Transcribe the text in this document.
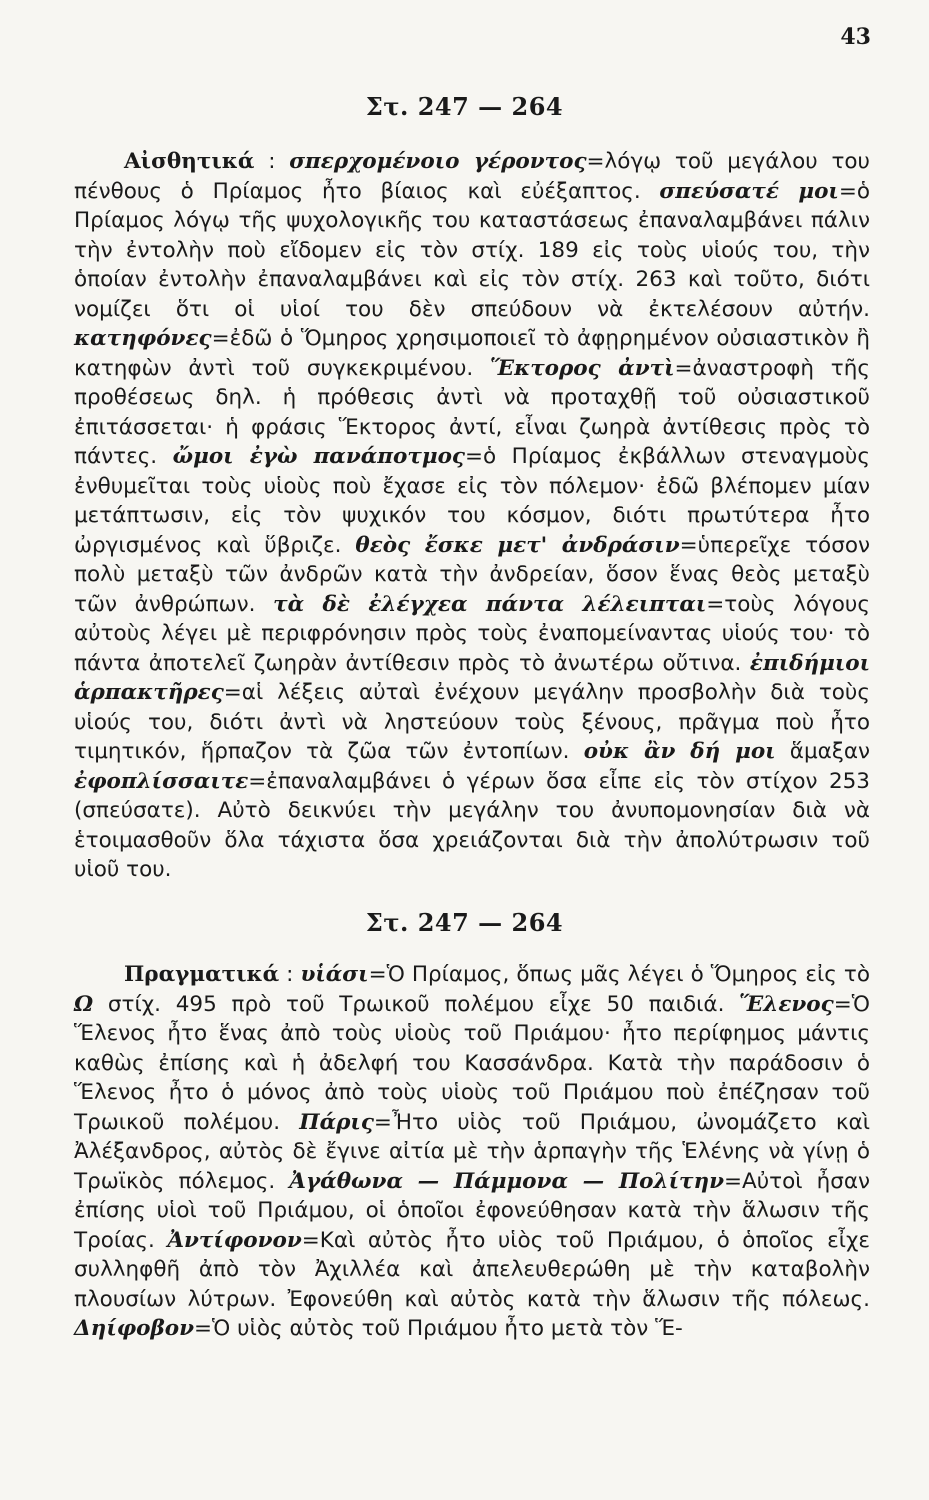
43
Στ. 247 — 264

Αἰσθητικά : σπερχομένοιο γέροντος=λόγῳ τοῦ μεγάλου του πένθους ὁ Πρίαμος ἦτο βίαιος καὶ εὐέξαπτος. σπεύσατέ μοι=ὁ Πρίαμος λόγῳ τῆς ψυχολογικῆς του καταστάσεως ἐπαναλαμβάνει πάλιν τὴν ἐντολὴν ποὺ εἴδομεν εἰς τὸν στίχ. 189 εἰς τοὺς υἱούς του, τὴν ὁποίαν ἐντολὴν ἐπαναλαμβάνει καὶ εἰς τὸν στίχ. 263 καὶ τοῦτο, διότι νομίζει ὅτι οἱ υἱοί του δὲν σπεύδουν νὰ ἐκτελέσουν αὐτήν. κατηφόνες=ἐδῶ ὁ Ὅμηρος χρησιμοποιεῖ τὸ ἀφῃρημένον οὐσιαστικὸν ἢ κατηφὼν ἀντὶ τοῦ συγκεκριμένου. Ἕκτορος ἀντὶ=ἀναστροφὴ τῆς προθέσεως δηλ. ἡ πρόθεσις ἀντὶ νὰ προταχθῇ τοῦ οὐσιαστικοῦ ἐπιτάσσεται· ἡ φράσις Ἕκτορος ἀντί, εἶναι ζωηρὰ ἀντίθεσις πρὸς τὸ πάντες. ὤμοι ἐγὼ πανάποτμος=ὁ Πρίαμος ἐκβάλλων στεναγμοὺς ἐνθυμεῖται τοὺς υἱοὺς ποὺ ἔχασε εἰς τὸν πόλεμον· ἐδῶ βλέπομεν μίαν μετάπτωσιν, εἰς τὸν ψυχικόν του κόσμον, διότι πρωτύτερα ἦτο ὠργισμένος καὶ ὕβριζε. θεὸς ἔσκε μετ' ἀνδράσιν=ὑπερεῖχε τόσον πολὺ μεταξὺ τῶν ἀνδρῶν κατὰ τὴν ἀνδρείαν, ὅσον ἕνας θεὸς μεταξὺ τῶν ἀνθρώπων. τὰ δὲ ἐλέγχεα πάντα λέλειπται=τοὺς λόγους αὐτοὺς λέγει μὲ περιφρόνησιν πρὸς τοὺς ἐναπομείναντας υἱούς του· τὸ πάντα ἀποτελεῖ ζωηρὰν ἀντίθεσιν πρὸς τὸ ἀνωτέρω οὔτινα. ἐπιδήμιοι ἁρπακτῆρες=αἱ λέξεις αὐταὶ ἐνέχουν μεγάλην προσβολὴν διὰ τοὺς υἱούς του, διότι ἀντὶ νὰ ληστεύουν τοὺς ξένους, πρᾶγμα ποὺ ἦτο τιμητικόν, ἥρπαζον τὰ ζῶα τῶν ἐντοπίων. οὐκ ἂν δή μοι ἅμαξαν ἐφοπλίσσαιτε=ἐπαναλαμβάνει ὁ γέρων ὅσα εἶπε εἰς τὸν στίχον 253 (σπεύσατε). Αὐτὸ δεικνύει τὴν μεγάλην του ἀνυπομονησίαν διὰ νὰ ἑτοιμασθοῦν ὅλα τάχιστα ὅσα χρειάζονται διὰ τὴν ἀπολύτρωσιν τοῦ υἱοῦ του.

Στ. 247 — 264

Πραγματικά : υἱάσι=Ὁ Πρίαμος, ὅπως μᾶς λέγει ὁ Ὅμηρος εἰς τὸ Ω στίχ. 495 πρὸ τοῦ Τρωικοῦ πολέμου εἶχε 50 παιδιά. Ἕλενος=Ὁ Ἕλενος ἦτο ἕνας ἀπὸ τοὺς υἱοὺς τοῦ Πριάμου· ἦτο περίφημος μάντις καθὼς ἐπίσης καὶ ἡ ἀδελφή του Κασσάνδρα. Κατὰ τὴν παράδοσιν ὁ Ἕλενος ἦτο ὁ μόνος ἀπὸ τοὺς υἱοὺς τοῦ Πριάμου ποὺ ἐπέζησαν τοῦ Τρωικοῦ πολέμου. Πάρις=Ἦτο υἱὸς τοῦ Πριάμου, ὠνομάζετο καὶ Ἀλέξανδρος, αὐτὸς δὲ ἔγινε αἰτία μὲ τὴν ἁρπαγὴν τῆς Ἑλένης νὰ γίνῃ ὁ Τρωϊκὸς πόλεμος. Ἀγάθωνα — Πάμμονα — Πολίτην=Αὐτοὶ ἦσαν ἐπίσης υἱοὶ τοῦ Πριάμου, οἱ ὁποῖοι ἐφονεύθησαν κατὰ τὴν ἅλωσιν τῆς Τροίας. Ἀντίφονον=Καὶ αὐτὸς ἦτο υἱὸς τοῦ Πριάμου, ὁ ὁποῖος εἶχε συλληφθῆ ἀπὸ τὸν Ἀχιλλέα καὶ ἀπελευθερώθη μὲ τὴν καταβολὴν πλουσίων λύτρων. Ἐφονεύθη καὶ αὐτὸς κατὰ τὴν ἅλωσιν τῆς πόλεως. Δηίφοβον=Ὁ υἱὸς αὐτὸς τοῦ Πριάμου ἦτο μετὰ τὸν Ἕ-
